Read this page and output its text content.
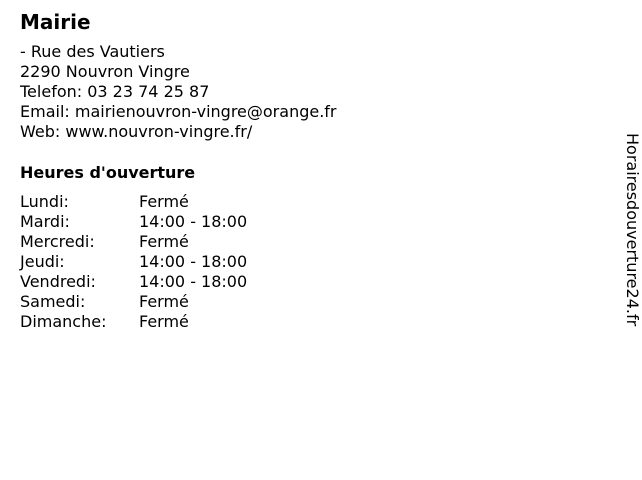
Mairie
- Rue des Vautiers
2290 Nouvron Vingre
Telefon: 03 23 74 25 87
Email: mairienouvron-vingre@orange.fr
Web: www.nouvron-vingre.fr/
Heures d'ouverture
Lundi:	Fermé
Mardi:	14:00 - 18:00
Mercredi:	Fermé
Jeudi:	14:00 - 18:00
Vendredi:	14:00 - 18:00
Samedi:	Fermé
Dimanche:	Fermé	Horairesdouverture24.fr
